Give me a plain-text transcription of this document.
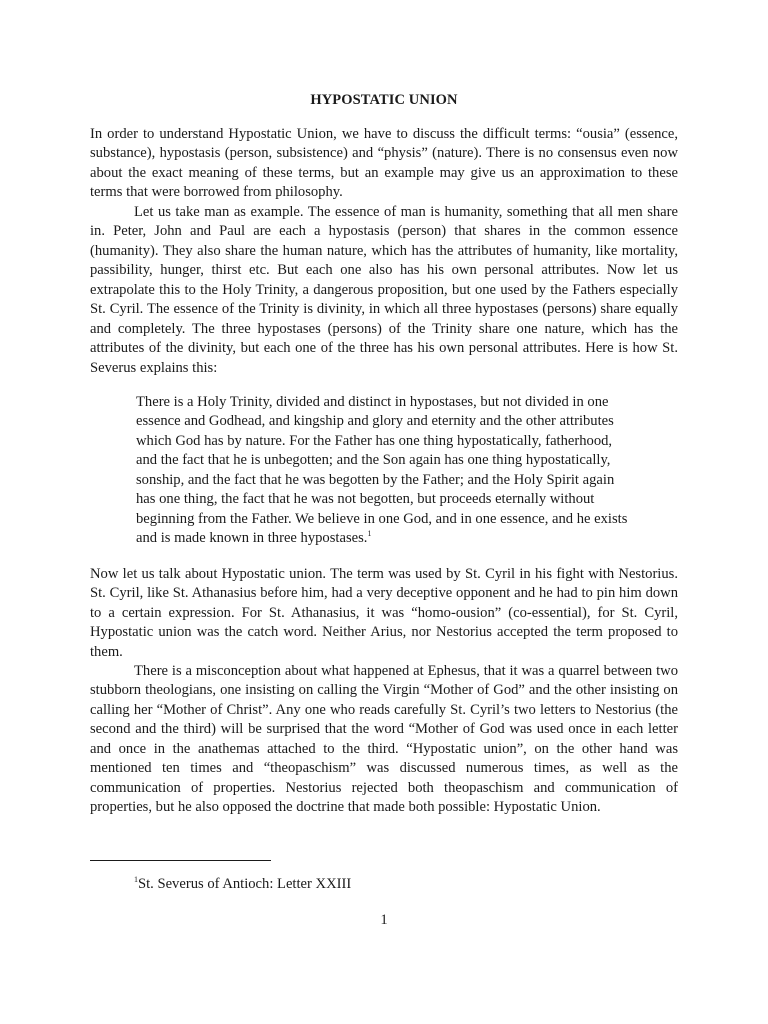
HYPOSTATIC UNION

In order to understand Hypostatic Union, we have to discuss the difficult terms: “ousia” (essence, substance), hypostasis (person, subsistence) and “physis” (nature). There is no consensus even now about the exact meaning of these terms, but an example may give us an approximation to these terms that were borrowed from philosophy.

Let us take man as example. The essence of man is humanity, something that all men share in. Peter, John and Paul are each a hypostasis (person) that shares in the common essence (humanity). They also share the human nature, which has the attributes of humanity, like mortality, passibility, hunger, thirst etc. But each one also has his own personal attributes. Now let us extrapolate this to the Holy Trinity, a dangerous proposition, but one used by the Fathers especially St. Cyril. The essence of the Trinity is divinity, in which all three hypostases (persons) share equally and completely. The three hypostases (persons) of the Trinity share one nature, which has the attributes of the divinity, but each one of the three has his own personal attributes. Here is how St. Severus explains this:

There is a Holy Trinity, divided and distinct in hypostases, but not divided in one essence and Godhead, and kingship and glory and eternity and the other attributes which God has by nature. For the Father has one thing hypostatically, fatherhood, and the fact that he is unbegotten; and the Son again has one thing hypostatically, sonship, and the fact that he was begotten by the Father; and the Holy Spirit again has one thing, the fact that he was not begotten, but proceeds eternally without beginning from the Father. We believe in one God, and in one essence, and he exists and is made known in three hypostases.$^1$

Now let us talk about Hypostatic union. The term was used by St. Cyril in his fight with Nestorius. St. Cyril, like St. Athanasius before him, had a very deceptive opponent and he had to pin him down to a certain expression. For St. Athanasius, it was “homo-ousion” (co-essential), for St. Cyril, Hypostatic union was the catch word. Neither Arius, nor Nestorius accepted the term proposed to them.

There is a misconception about what happened at Ephesus, that it was a quarrel between two stubborn theologians, one insisting on calling the Virgin “Mother of God” and the other insisting on calling her “Mother of Christ”. Any one who reads carefully St. Cyril’s two letters to Nestorius (the second and the third) will be surprised that the word “Mother of God was used once in each letter and once in the anathemas attached to the third. “Hypostatic union”, on the other hand was mentioned ten times and “theopaschism” was discussed numerous times, as well as the communication of properties. Nestorius rejected both theopaschism and communication of properties, but he also opposed the doctrine that made both possible: Hypostatic Union.

$^1$St. Severus of Antioch: Letter XXIII

1
